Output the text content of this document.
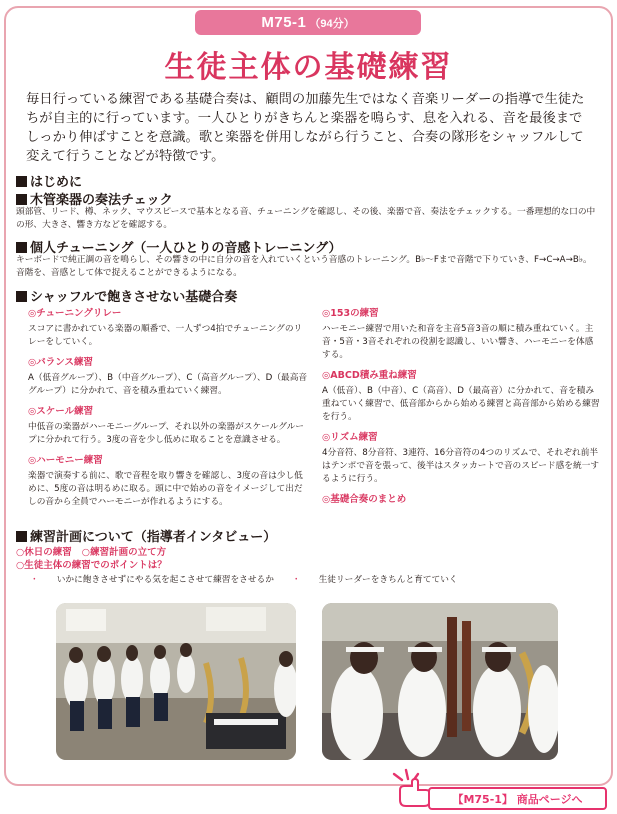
M75-1 （94分）
生徒主体の基礎練習

毎日行っている練習である基礎合奏は、顧問の加藤先生ではなく音楽リーダーの指導で生徒たちが自主的に行っています。一人ひとりがきちんと楽器を鳴らす、息を入れる、音を最後までしっかり伸ばすことを意識。歌と楽器を併用しながら行うこと、合奏の隊形をシャッフルして変えて行うことなどが特徴です。

はじめに
木管楽器の奏法チェック

頭部管、リード、樽、ネック、マウスピースで基本となる音、チューニングを確認し、その後、楽器で音、奏法をチェックする。一番理想的な口の中の形、大きさ、響き方などを確認する。

個人チューニング（一人ひとりの音感トレーニング）

キーボードで純正調の音を鳴らし、その響きの中に自分の音を入れていくという音感のトレーニング。B♭～Fまで音階で下りていき、F→C→A→B♭。音階を、音感として体で捉えることができるようになる。

シャッフルで飽きさせない基礎合奏
◎チューニングリレー

スコアに書かれている楽器の順番で、一人ずつ4拍でチューニングのリレーをしていく。

◎バランス練習

A（低音グループ）、B（中音グループ）、C（高音グループ）、D（最高音グループ）に分かれて、音を積み重ねていく練習。

◎スケール練習

中低音の楽器がハーモニーグループ、それ以外の楽器がスケールグループに分かれて行う。3度の音を少し低めに取ることを意識させる。

◎ハーモニー練習

楽器で演奏する前に、歌で音程を取り響きを確認し、3度の音は少し低めに、5度の音は明るめに取る。頭に中で始めの音をイメージして出だしの音から全員でハーモニーが作れるようにする。

◎153の練習

ハーモニー練習で用いた和音を主音5音3音の順に積み重ねていく。主音・5音・3音それぞれの役割を認識し、いい響き、ハーモニーを体感する。

◎ABCD積み重ね練習

A（低音）、B（中音）、C（高音）、D（最高音）に分かれて、音を積み重ねていく練習で、低音部からから始める練習と高音部から始める練習を行う。

◎リズム練習

4分音符、8分音符、3連符、16分音符の4つのリズムで、それぞれ前半はテンポで音を張って、後半はスタッカートで音のスピード感を統一するように行う。

◎基礎合奏のまとめ
練習計画について（指導者インタビュー）
○休日の練習 ○練習計画の立て方
○生徒主体の練習でのポイントは？
・ いかに飽きさせずにやる気を起こさせて練習をさせるか ・ 生徒リーダーをきちんと育てていく
【M75-1】 商品ページへ
